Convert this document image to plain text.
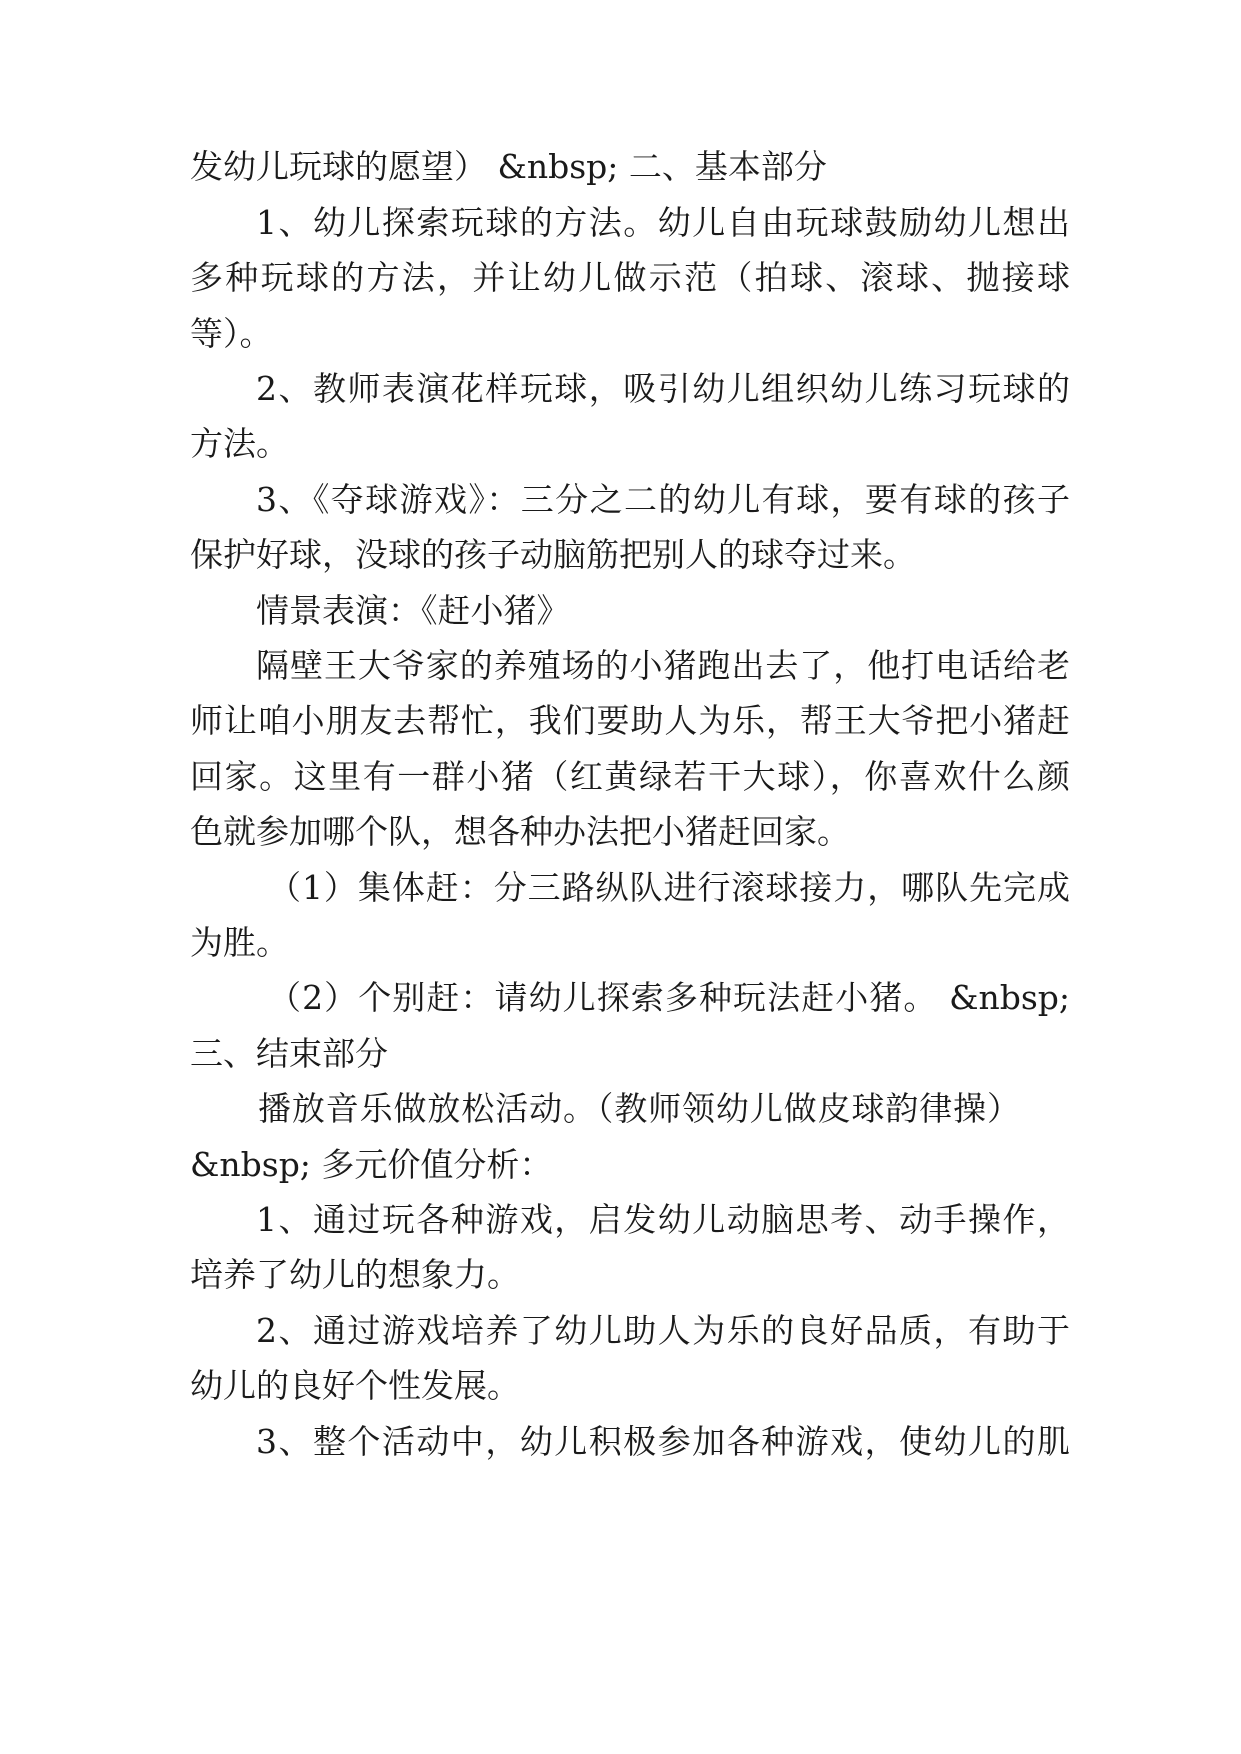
发幼儿玩球的愿望） &nbsp; 二、基本部分
1、幼儿探索玩球的方法。幼儿自由玩球鼓励幼儿想出
多种玩球的方法，并让幼儿做示范（拍球、滚球、抛接球
等）。
2、教师表演花样玩球，吸引幼儿组织幼儿练习玩球的
方法。
3、《夺球游戏》：三分之二的幼儿有球，要有球的孩子
保护好球，没球的孩子动脑筋把别人的球夺过来。
情景表演：《赶小猪》
隔壁王大爷家的养殖场的小猪跑出去了，他打电话给老
师让咱小朋友去帮忙，我们要助人为乐，帮王大爷把小猪赶
回家。这里有一群小猪（红黄绿若干大球），你喜欢什么颜
色就参加哪个队，想各种办法把小猪赶回家。
（1）集体赶：分三路纵队进行滚球接力，哪队先完成
为胜。
（2）个别赶：请幼儿探索多种玩法赶小猪。 &nbsp;
三、结束部分
播放音乐做放松活动。（教师领幼儿做皮球韵律操）
&nbsp; 多元价值分析：
1、通过玩各种游戏，启发幼儿动脑思考、动手操作，
培养了幼儿的想象力。
2、通过游戏培养了幼儿助人为乐的良好品质，有助于
幼儿的良好个性发展。
3、整个活动中，幼儿积极参加各种游戏，使幼儿的肌
